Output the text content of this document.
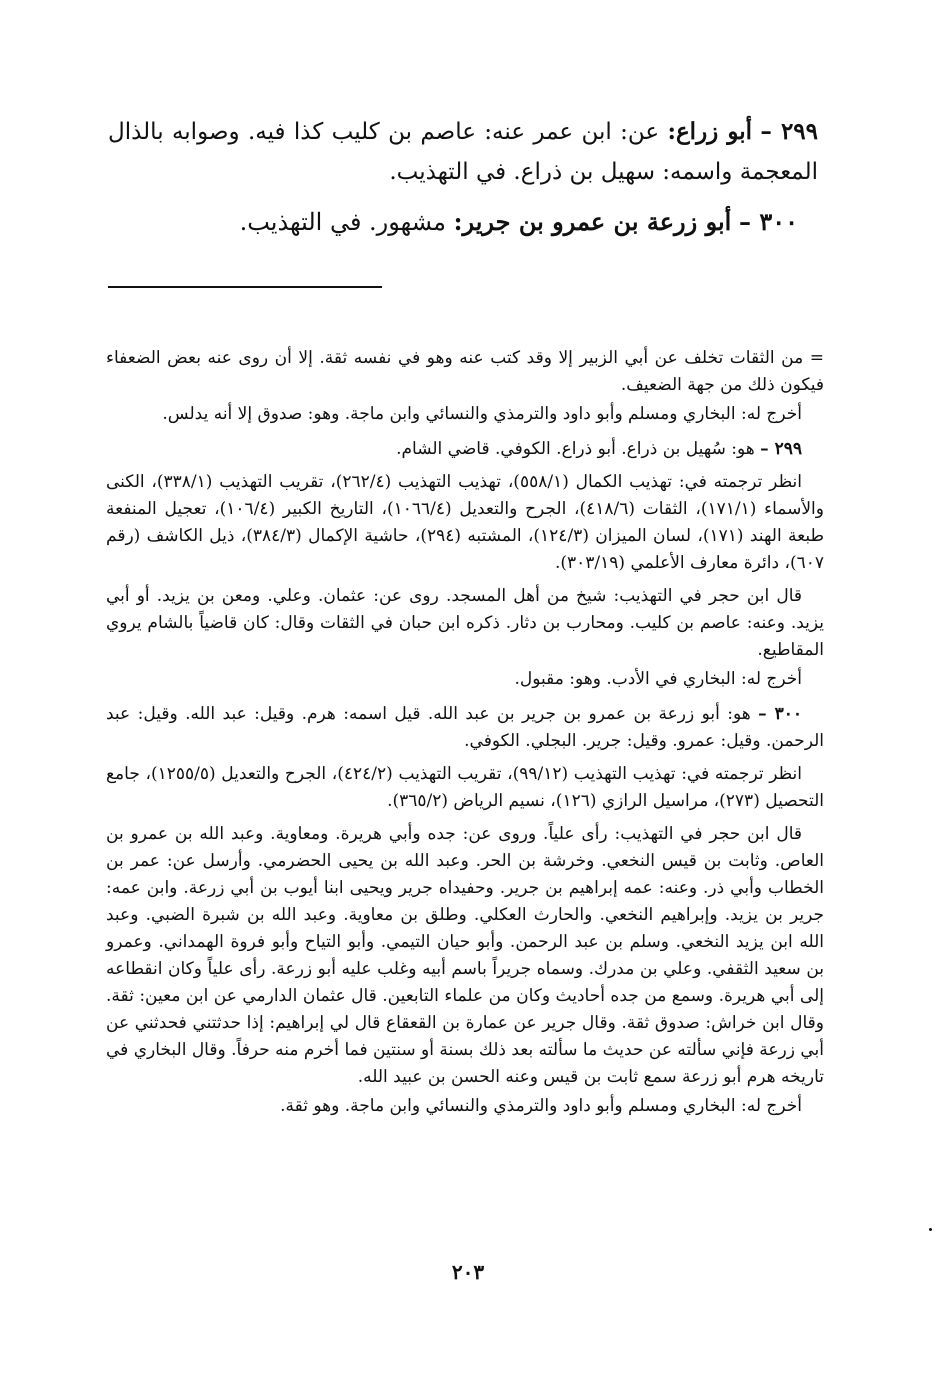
٢٩٩ – أبو زراع: عن: ابن عمر عنه: عاصم بن كليب كذا فيه. وصوابه بالذال المعجمة واسمه: سهيل بن ذراع. في التهذيب.

٣٠٠ – أبو زرعة بن عمرو بن جرير: مشهور. في التهذيب.

= من الثقات تخلف عن أبي الزبير إلا وقد كتب عنه وهو في نفسه ثقة. إلا أن روى عنه بعض الضعفاء فيكون ذلك من جهة الضعيف.

أخرج له: البخاري ومسلم وأبو داود والترمذي والنسائي وابن ماجة. وهو: صدوق إلا أنه يدلس.

٢٩٩ – هو: سُهيل بن ذراع. أبو ذراع. الكوفي. قاضي الشام.

انظر ترجمته في: تهذيب الكمال (٥٥٨/١)، تهذيب التهذيب (٢٦٢/٤)، تقريب التهذيب (٣٣٨/١)، الكنى والأسماء (١٧١/١)، الثقات (٤١٨/٦)، الجرح والتعديل (١٠٦٦/٤)، التاريخ الكبير (١٠٦/٤)، تعجيل المنفعة طبعة الهند (١٧١)، لسان الميزان (١٢٤/٣)، المشتبه (٢٩٤)، حاشية الإكمال (٣٨٤/٣)، ذيل الكاشف (رقم ٦٠٧)، دائرة معارف الأعلمي (٣٠٣/١٩).

قال ابن حجر في التهذيب: شيخ من أهل المسجد. روى عن: عثمان. وعلي. ومعن بن يزيد. أو أبي يزيد. وعنه: عاصم بن كليب. ومحارب بن دثار. ذكره ابن حبان في الثقات وقال: كان قاضياً بالشام يروي المقاطيع.

أخرج له: البخاري في الأدب. وهو: مقبول.

٣٠٠ – هو: أبو زرعة بن عمرو بن جرير بن عبد الله. قيل اسمه: هرم. وقيل: عبد الله. وقيل: عبد الرحمن. وقيل: عمرو. وقيل: جرير. البجلي. الكوفي.

انظر ترجمته في: تهذيب التهذيب (٩٩/١٢)، تقريب التهذيب (٤٢٤/٢)، الجرح والتعديل (١٢٥٥/٥)، جامع التحصيل (٢٧٣)، مراسيل الرازي (١٢٦)، نسيم الرياض (٣٦٥/٢).

قال ابن حجر في التهذيب: رأى علياً. وروى عن: جده وأبي هريرة. ومعاوية. وعبد الله بن عمرو بن العاص. وثابت بن قيس النخعي. وخرشة بن الحر. وعبد الله بن يحيى الحضرمي. وأرسل عن: عمر بن الخطاب وأبي ذر. وعنه: عمه إبراهيم بن جرير. وحفيداه جرير ويحيى ابنا أيوب بن أبي زرعة. وابن عمه: جرير بن يزيد. وإبراهيم النخعي. والحارث العكلي. وطلق بن معاوية. وعبد الله بن شبرة الضبي. وعبد الله ابن يزيد النخعي. وسلم بن عبد الرحمن. وأبو حيان التيمي. وأبو التياح وأبو فروة الهمداني. وعمرو بن سعيد الثقفي. وعلي بن مدرك. وسماه جريراً باسم أبيه وغلب عليه أبو زرعة. رأى علياً وكان انقطاعه إلى أبي هريرة. وسمع من جده أحاديث وكان من علماء التابعين. قال عثمان الدارمي عن ابن معين: ثقة. وقال ابن خراش: صدوق ثقة. وقال جرير عن عمارة بن القعقاع قال لي إبراهيم: إذا حدثتني فحدثني عن أبي زرعة فإني سألته عن حديث ما سألته بعد ذلك بسنة أو سنتين فما أخرم منه حرفاً. وقال البخاري في تاريخه هرم أبو زرعة سمع ثابت بن قيس وعنه الحسن بن عبيد الله.

أخرج له: البخاري ومسلم وأبو داود والترمذي والنسائي وابن ماجة. وهو ثقة.

٢٠٣
